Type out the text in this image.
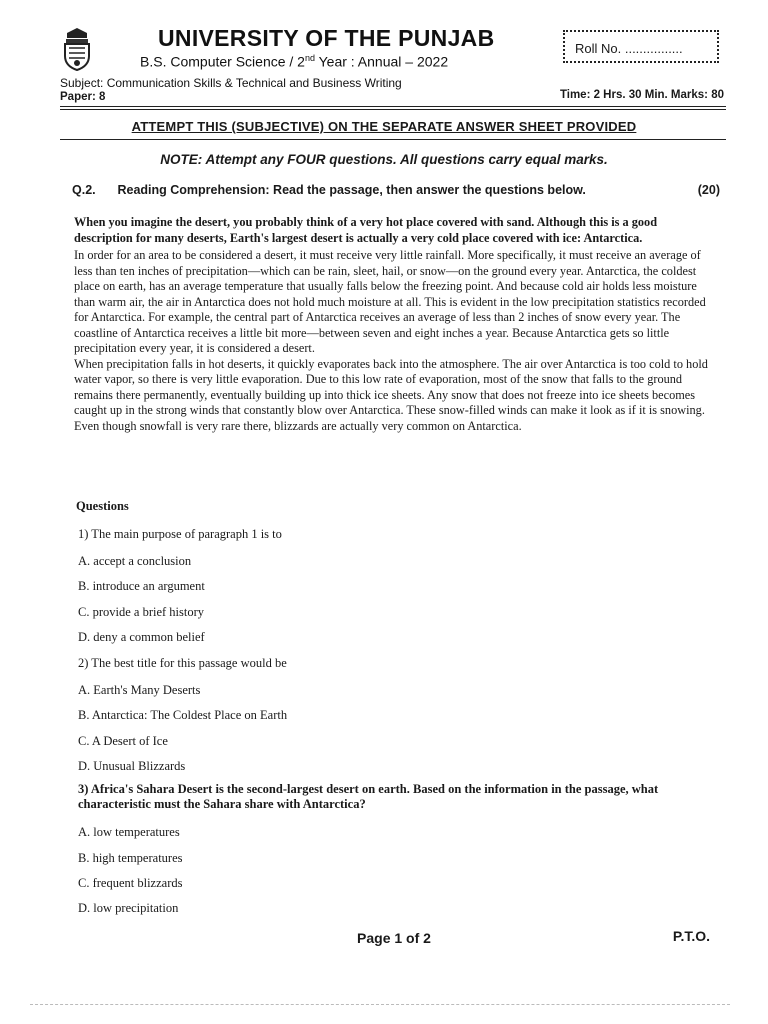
UNIVERSITY OF THE PUNJAB
B.S. Computer Science / 2nd Year : Annual – 2022
Roll No. ................
Subject: Communication Skills & Technical and Business Writing
Paper: 8	Time: 2 Hrs. 30 Min. Marks: 80
ATTEMPT THIS (SUBJECTIVE) ON THE SEPARATE ANSWER SHEET PROVIDED
NOTE: Attempt any FOUR questions. All questions carry equal marks.
Q.2. Reading Comprehension: Read the passage, then answer the questions below.	(20)

When you imagine the desert, you probably think of a very hot place covered with sand. Although this is a good description for many deserts, Earth's largest desert is actually a very cold place covered with ice: Antarctica.

In order for an area to be considered a desert, it must receive very little rainfall. More specifically, it must receive an average of less than ten inches of precipitation—which can be rain, sleet, hail, or snow—on the ground every year. Antarctica, the coldest place on earth, has an average temperature that usually falls below the freezing point. And because cold air holds less moisture than warm air, the air in Antarctica does not hold much moisture at all. This is evident in the low precipitation statistics recorded for Antarctica. For example, the central part of Antarctica receives an average of less than 2 inches of snow every year. The coastline of Antarctica receives a little bit more—between seven and eight inches a year. Because Antarctica gets so little precipitation every year, it is considered a desert.

When precipitation falls in hot deserts, it quickly evaporates back into the atmosphere. The air over Antarctica is too cold to hold water vapor, so there is very little evaporation. Due to this low rate of evaporation, most of the snow that falls to the ground remains there permanently, eventually building up into thick ice sheets. Any snow that does not freeze into ice sheets becomes caught up in the strong winds that constantly blow over Antarctica. These snow-filled winds can make it look as if it is snowing. Even though snowfall is very rare there, blizzards are actually very common on Antarctica.

Questions
1) The main purpose of paragraph 1 is to
A. accept a conclusion
B. introduce an argument
C. provide a brief history
D. deny a common belief
2) The best title for this passage would be
A. Earth's Many Deserts
B. Antarctica: The Coldest Place on Earth
C. A Desert of Ice
D. Unusual Blizzards
3) Africa's Sahara Desert is the second-largest desert on earth. Based on the information in the passage, what characteristic must the Sahara share with Antarctica?
A. low temperatures
B. high temperatures
C. frequent blizzards
D. low precipitation
Page 1 of 2	P.T.O.
